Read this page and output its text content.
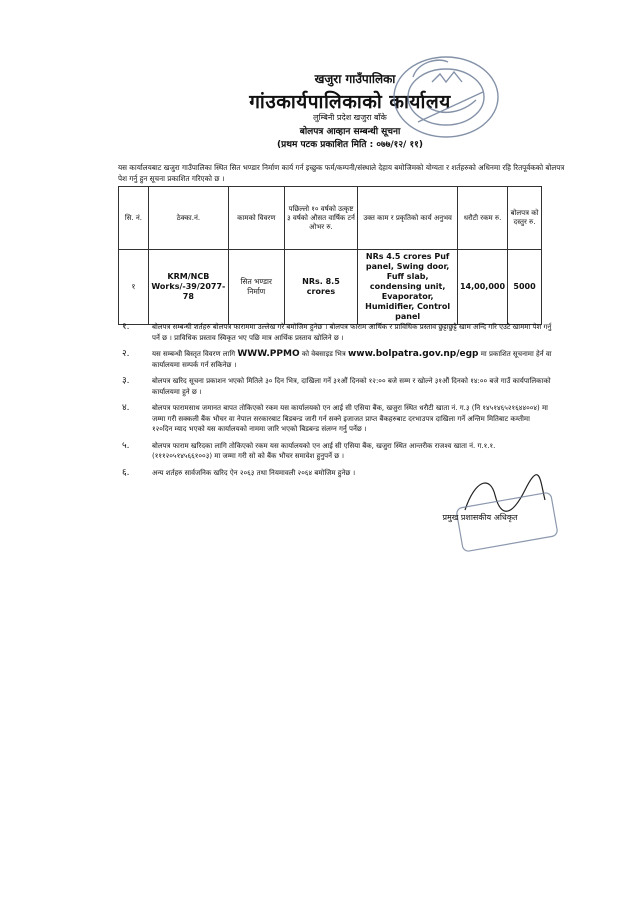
खजुरा गाउँपालिका
गांउकार्यपालिकाको कार्यालय
लुम्बिनी प्रदेश खजुरा बाँके
बोलपत्र आव्हान सम्बन्धी सूचना
(प्रथम पटक प्रकाशित मिति : ०७७/१२/ ११)
यस कार्यालयबाट खजुरा गाउँपालिका स्थित सित भण्डार निर्माण कार्य गर्न इच्छुक फर्म/कम्पनी/संस्थाले देहाय बमोजिमको योग्यता र शर्तहरुको अधिनमा रहि रितपूर्वकको बोलपत्र पेश गर्नु हुन सूचना प्रकाशित गरिएको छ ।
सि. नं.	ठेक्का.नं.	कामको विवरण	पछिल्लो १० वर्षको उत्कृष्ट ३ वर्षको औसत वार्षिक टर्न ओभर रु.	उक्त काम र प्रकृतिको कार्य अनुभव	धरौटी रकम रु.	बोलपत्र को दस्तुर रु.
१	KRM/NCB Works/-39/2077-78	सित भण्डार निर्माण	NRs. 8.5 crores	NRs 4.5 crores Puf panel, Swing door, Fuff slab, condensing unit, Evaporator, Humidifier, Control panel	14,00,000	5000
१.	बोलपत्र सम्बन्धी शर्तहरु बोलपत्र फाराममा उल्लेख गरे बमोजिम हुनेछ । बोलपत्र फाराम आर्थिक र प्राविधिक प्रस्ताव छुट्टाछुट्टै खाम अन्दि गरि एउटै खाममा पेश गर्नु पर्ने छ । प्राविधिक प्रस्ताव स्विकृत भए पछि मात्र आर्थिक प्रस्ताव खोलिने छ ।
२.	यस सम्बन्धी बिस्तृत विवरण लागि WWW.PPMO को वेबसाइड भित्र www.bolpatra.gov.np/egp मा प्रकाशित सूचनामा हेर्न वा कार्यालयमा सम्पर्क गर्न सकिनेछ ।
३.	बोलपत्र खरिद सूचना प्रकाशन भएको मितिले ३० दिन भित्र, दाखिला गर्ने ३१औं दिनको १२:०० बजे सम्म र खोल्ने ३१औं दिनको १४:०० बजे गाउँ कार्यपालिकाको कार्यालयमा हुने छ ।
४.	बोलपत्र फारामसाथ जमानत बापत तोकिएको रकम यस कार्यालयको एन आई सी एसिया बैंक, खजुरा स्थित धरौटी खाता नं. ग.३ (नि १४५१४६५२१६४४००४) मा जम्मा गरी सक्कली बैंक भौचर वा नेपाल सरकारबाट बिडबन्ड जारी गर्न सक्ने इजाजत प्राप्त बैंकहरुबाट दरभाउपत्र दाखिला गर्ने अन्तिम मितिबाट कम्तीमा १२०दिन म्याद भएको यस कार्यालयको नाममा जारि भएको बिडबन्ड संलग्न गर्नु पर्नेछ ।
५.	बोलपत्र फाराम खरिदका लागि तोकिएको रकम यस कार्यालयको एन आई सी एसिया बैंक, खजुरा स्थित आन्तरीक राजश्व खाता नं. ग.१.१.(१११२०५१४५६६१००३) मा जम्मा गरी सो को बैंक भौचर समावेश हुनुपर्ने छ ।
६.	अन्य शर्तहरु सार्वजनिक खरिद ऐन २०६३ तथा नियमावली २०६४ बमोजिम हुनेछ ।
प्रमुख प्रशासकीय अधिकृत
